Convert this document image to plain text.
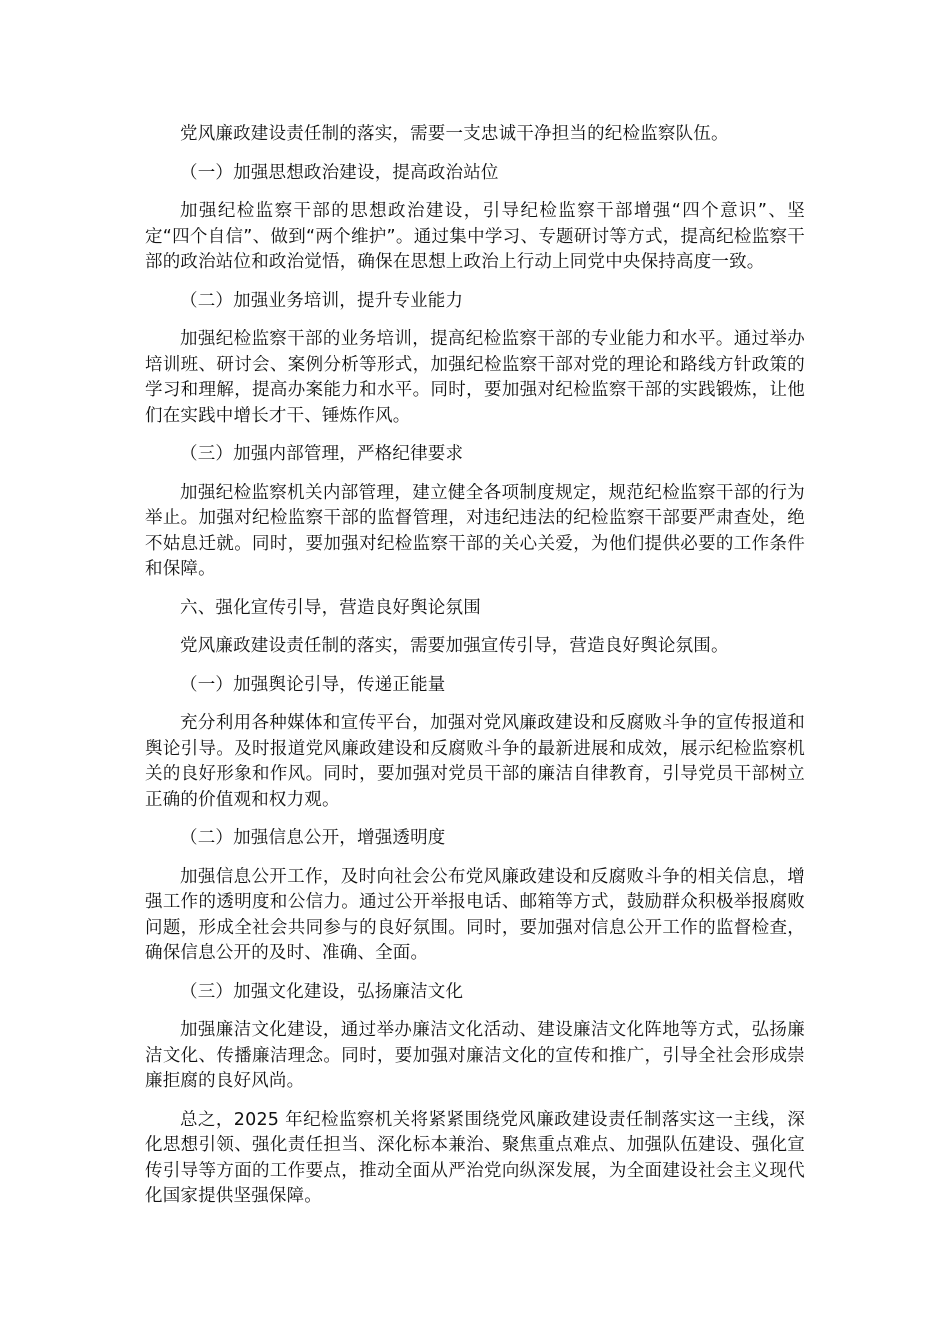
党风廉政建设责任制的落实，需要一支忠诚干净担当的纪检监察队伍。

（一）加强思想政治建设，提高政治站位

加强纪检监察干部的思想政治建设，引导纪检监察干部增强“四个意识”、坚定“四个自信”、做到“两个维护”。通过集中学习、专题研讨等方式，提高纪检监察干部的政治站位和政治觉悟，确保在思想上政治上行动上同党中央保持高度一致。

（二）加强业务培训，提升专业能力

加强纪检监察干部的业务培训，提高纪检监察干部的专业能力和水平。通过举办培训班、研讨会、案例分析等形式，加强纪检监察干部对党的理论和路线方针政策的学习和理解，提高办案能力和水平。同时，要加强对纪检监察干部的实践锻炼，让他们在实践中增长才干、锤炼作风。

（三）加强内部管理，严格纪律要求

加强纪检监察机关内部管理，建立健全各项制度规定，规范纪检监察干部的行为举止。加强对纪检监察干部的监督管理，对违纪违法的纪检监察干部要严肃查处，绝不姑息迁就。同时，要加强对纪检监察干部的关心关爱，为他们提供必要的工作条件和保障。

六、强化宣传引导，营造良好舆论氛围

党风廉政建设责任制的落实，需要加强宣传引导，营造良好舆论氛围。

（一）加强舆论引导，传递正能量

充分利用各种媒体和宣传平台，加强对党风廉政建设和反腐败斗争的宣传报道和舆论引导。及时报道党风廉政建设和反腐败斗争的最新进展和成效，展示纪检监察机关的良好形象和作风。同时，要加强对党员干部的廉洁自律教育，引导党员干部树立正确的价值观和权力观。

（二）加强信息公开，增强透明度

加强信息公开工作，及时向社会公布党风廉政建设和反腐败斗争的相关信息，增强工作的透明度和公信力。通过公开举报电话、邮箱等方式，鼓励群众积极举报腐败问题，形成全社会共同参与的良好氛围。同时，要加强对信息公开工作的监督检查，确保信息公开的及时、准确、全面。

（三）加强文化建设，弘扬廉洁文化

加强廉洁文化建设，通过举办廉洁文化活动、建设廉洁文化阵地等方式，弘扬廉洁文化、传播廉洁理念。同时，要加强对廉洁文化的宣传和推广，引导全社会形成崇廉拒腐的良好风尚。

总之，2025 年纪检监察机关将紧紧围绕党风廉政建设责任制落实这一主线，深化思想引领、强化责任担当、深化标本兼治、聚焦重点难点、加强队伍建设、强化宣传引导等方面的工作要点，推动全面从严治党向纵深发展，为全面建设社会主义现代化国家提供坚强保障。
